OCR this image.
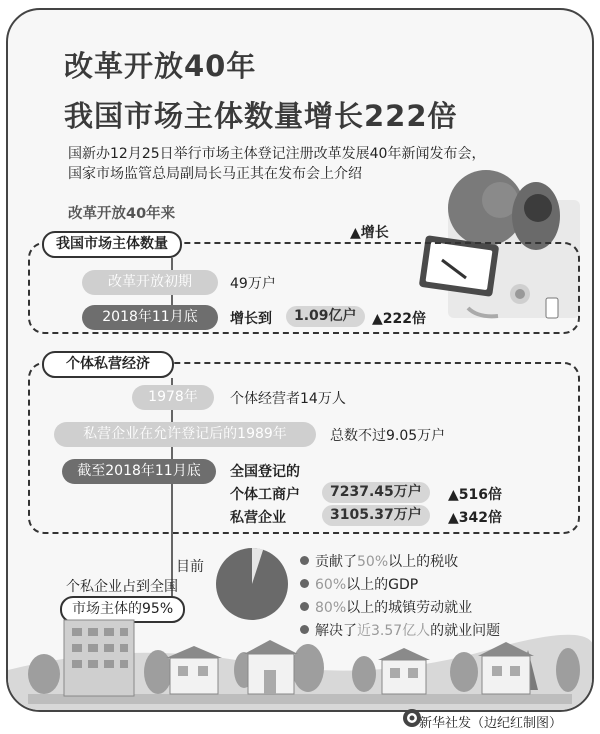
改革开放40年
我国市场主体数量增长222倍
国新办12月25日举行市场主体登记注册改革发展40年新闻发布会，
国家市场监管总局副局长马正其在发布会上介绍
改革开放40年来
▲增长
我国市场主体数量
改革开放初期	49万户
2018年11月底	增长到	1.09亿户	▲222倍
个体私营经济
1978年	个体经营者14万人
私营企业在允许登记后的1989年	总数不过9.05万户
截至2018年11月底	全国登记的
个体工商户	7237.45万户	▲516倍
私营企业	3105.37万户	▲342倍
目前
个私企业占到全国
市场主体的95%
贡献了50%以上的税收
60%以上的GDP
80%以上的城镇劳动就业
解决了近3.57亿人的就业问题
新华社发（边纪红制图）
